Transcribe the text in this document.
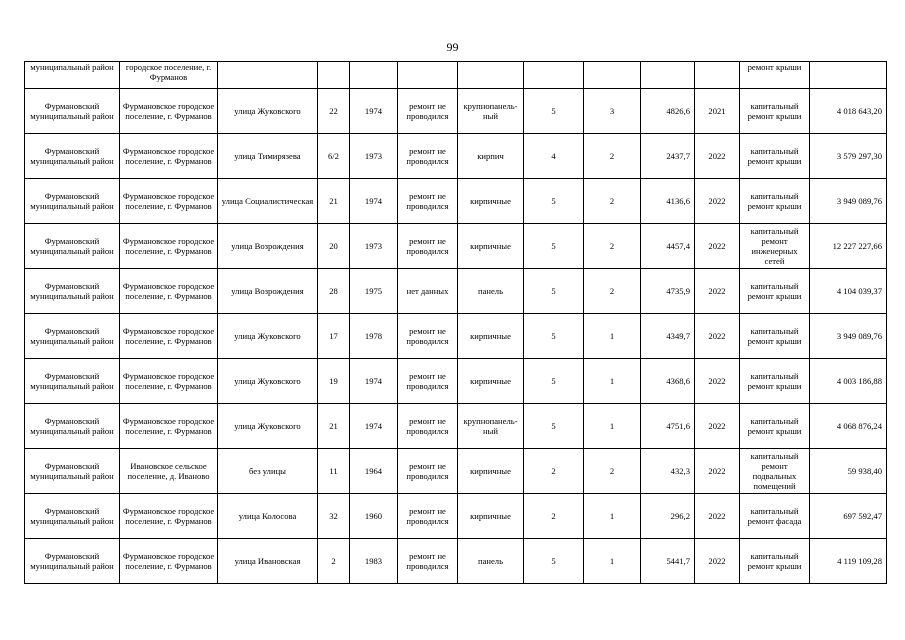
99
муниципальный район	городское поселение, г. Фурманов										ремонт крыши	
Фурмановский муниципальный район	Фурмановское городское поселение, г. Фурманов	улица Жуковского	22	1974	ремонт не проводился	крупнопанель-ный	5	3	4826,6	2021	капитальный ремонт крыши	4 018 643,20
Фурмановский муниципальный район	Фурмановское городское поселение, г. Фурманов	улица Тимирязева	6/2	1973	ремонт не проводился	кирпич	4	2	2437,7	2022	капитальный ремонт крыши	3 579 297,30
Фурмановский муниципальный район	Фурмановское городское поселение, г. Фурманов	улица Социалистическая	21	1974	ремонт не проводился	кирпичные	5	2	4136,6	2022	капитальный ремонт крыши	3 949 089,76
Фурмановский муниципальный район	Фурмановское городское поселение, г. Фурманов	улица Возрождения	20	1973	ремонт не проводился	кирпичные	5	2	4457,4	2022	капитальный ремонт инженерных сетей	12 227 227,66
Фурмановский муниципальный район	Фурмановское городское поселение, г. Фурманов	улица Возрождения	28	1975	нет данных	панель	5	2	4735,9	2022	капитальный ремонт крыши	4 104 039,37
Фурмановский муниципальный район	Фурмановское городское поселение, г. Фурманов	улица Жуковского	17	1978	ремонт не проводился	кирпичные	5	1	4349,7	2022	капитальный ремонт крыши	3 949 089,76
Фурмановский муниципальный район	Фурмановское городское поселение, г. Фурманов	улица Жуковского	19	1974	ремонт не проводился	кирпичные	5	1	4368,6	2022	капитальный ремонт крыши	4 003 186,88
Фурмановский муниципальный район	Фурмановское городское поселение, г. Фурманов	улица Жуковского	21	1974	ремонт не проводился	крупнопанель-ный	5	1	4751,6	2022	капитальный ремонт крыши	4 068 876,24
Фурмановский муниципальный район	Ивановское сельское поселение, д. Иваново	без улицы	11	1964	ремонт не проводился	кирпичные	2	2	432,3	2022	капитальный ремонт подвальных помещений	59 938,40
Фурмановский муниципальный район	Фурмановское городское поселение, г. Фурманов	улица Колосова	32	1960	ремонт не проводился	кирпичные	2	1	296,2	2022	капитальный ремонт фасада	697 592,47
Фурмановский муниципальный район	Фурмановское городское поселение, г. Фурманов	улица Ивановская	2	1983	ремонт не проводился	панель	5	1	5441,7	2022	капитальный ремонт крыши	4 119 109,28
